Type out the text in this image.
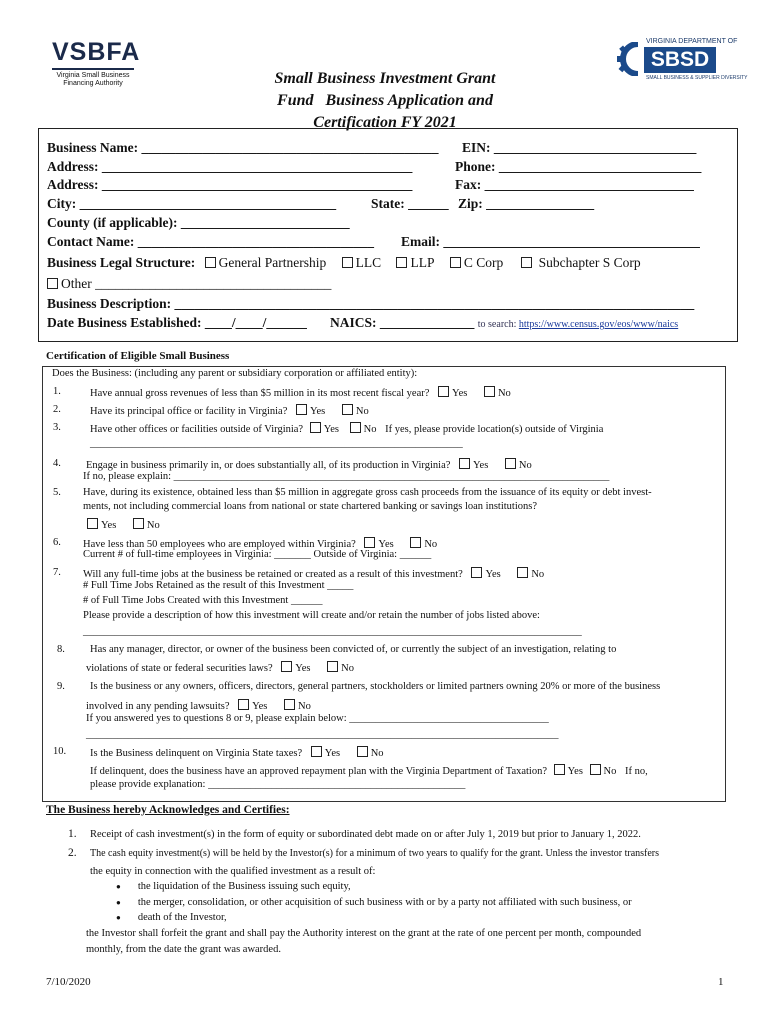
VSBFA
Virginia Small Business
Financing Authority	Small Business Investment Grant
Fund   Business Application and
Certification FY 2021
VIRGINIA DEPARTMENT OF
SBSD
SMALL BUSINESS & SUPPLIER DIVERSITY
Business Name: ____________________________________________ EIN: ______________________________
Address: ______________________________________________	Phone: ______________________________
Address: ______________________________________________	Fax: _______________________________
City: ______________________________________	State: ______ Zip: ________________
County (if applicable): _________________________
Contact Name: ___________________________________ Email: ______________________________________
Business Legal Structure: General Partnership LLC LLP C Corp	Subchapter S Corp
Other ___________________________________
Business Description: _____________________________________________________________________________
Date Business Established: ____/____/______ NAICS: ______________ to search: https://www.census.gov/eos/www/naics
Certification of Eligible Small Business
Does the Business: (including any parent or subsidiary corporation or affiliated entity):
1.	Have annual gross revenues of less than $5 million in its most recent fiscal year? Yes	No
2.	Have its principal office or facility in Virginia? Yes	No
3.	Have other offices or facilities outside of Virginia? Yes No If yes, please provide location(s) outside of Virginia
_______________________________________________________________________
4. Engage in business primarily in, or does substantially all, of its production in Virginia? Yes	No
If no, please explain: ___________________________________________________________________________________
5. Have, during its existence, obtained less than $5 million in aggregate gross cash proceeds from the issuance of its equity or debt invest-
ments, not including commercial loans from national or state chartered banking or savings loan institutions?
Yes	No
6. Have less than 50 employees who are employed within Virginia? Yes	No
Current # of full-time employees in Virginia: _______ Outside of Virginia: ______
7. Will any full-time jobs at the business be retained or created as a result of this investment? Yes	No
# Full Time Jobs Retained as the result of this Investment _____
# of Full Time Jobs Created with this Investment ______
Please provide a description of how this investment will create and/or retain the number of jobs listed above:
_______________________________________________________________________________________________
8. Has any manager, director, or owner of the business been convicted of, or currently the subject of an investigation, relating to
violations of state or federal securities laws? Yes	No
9. Is the business or any owners, officers, directors, general partners, stockholders or limited partners owning 20% or more of the business
involved in any pending lawsuits? Yes	No
If you answered yes to questions 8 or 9, please explain below: ______________________________________
__________________________________________________________________________________________
10. Is the Business delinquent on Virginia State taxes? Yes	No
If delinquent, does the business have an approved repayment plan with the Virginia Department of Taxation? Yes No If no,
please provide explanation: _________________________________________________
The Business hereby Acknowledges and Certifies:
1. Receipt of cash investment(s) in the form of equity or subordinated debt made on or after July 1, 2019 but prior to January 1, 2022.
2. The cash equity investment(s) will be held by the Investor(s) for a minimum of two years to qualify for the grant. Unless the investor transfers
the equity in connection with the qualified investment as a result of:
● the liquidation of the Business issuing such equity,
● the merger, consolidation, or other acquisition of such business with or by a party not affiliated with such business, or
● death of the Investor,
the Investor shall forfeit the grant and shall pay the Authority interest on the grant at the rate of one percent per month, compounded
monthly, from the date the grant was awarded.
7/10/2020	1
